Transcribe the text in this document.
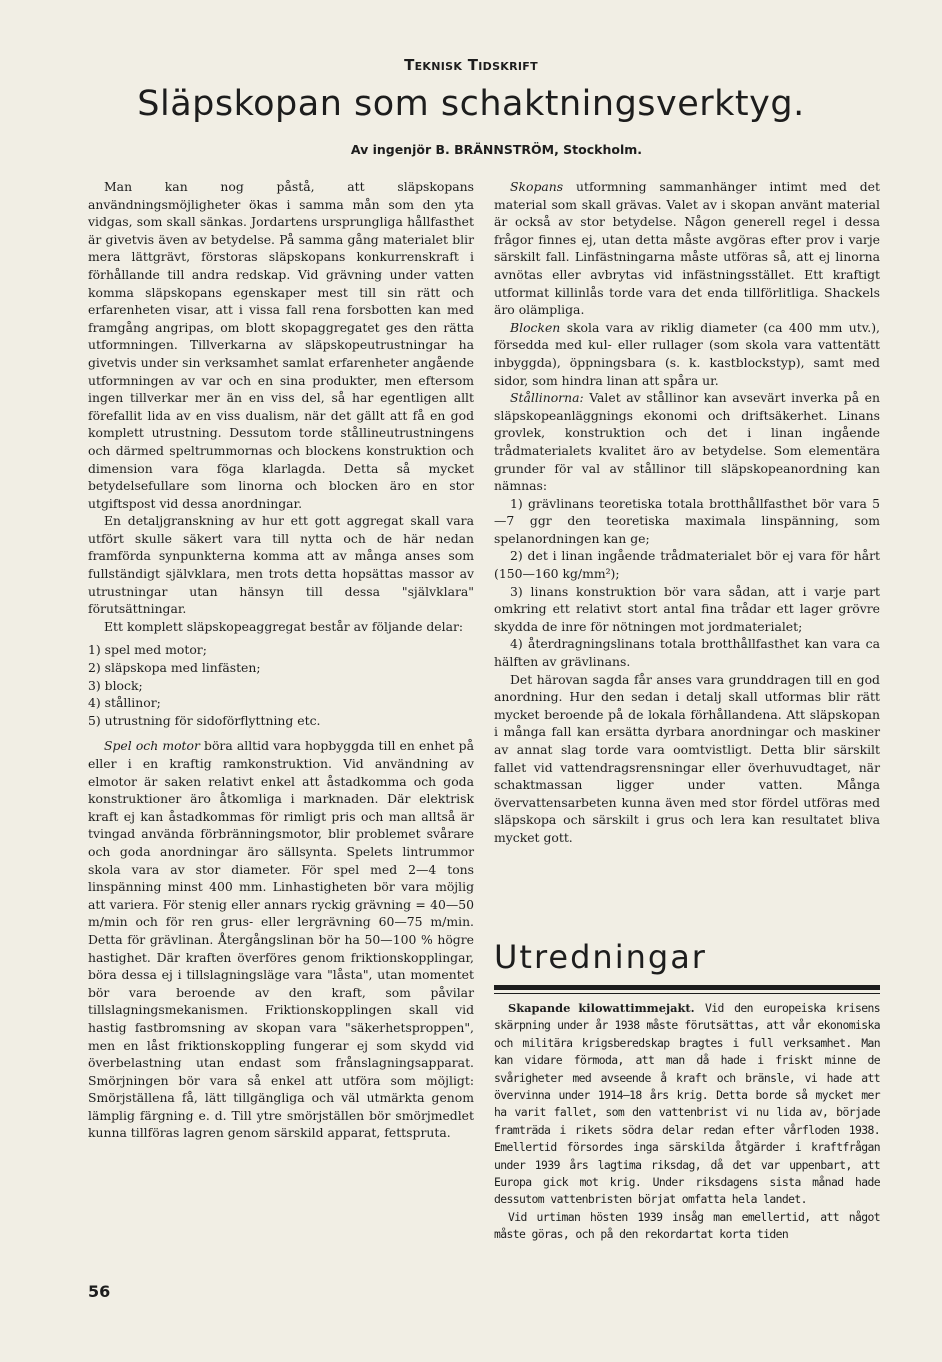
Teknisk Tidskrift
Släpskopan som schaktningsverktyg.
Av ingenjör B. BRÄNNSTRÖM, Stockholm.

Man kan nog påstå, att släpskopans användningsmöjligheter ökas i samma mån som den yta vidgas, som skall sänkas. Jordartens ursprungliga hållfasthet är givetvis även av betydelse. På samma gång materialet blir mera lättgrävt, förstoras släpskopans konkurrenskraft i förhållande till andra redskap. Vid grävning under vatten komma släpskopans egenskaper mest till sin rätt och erfarenheten visar, att i vissa fall rena forsbotten kan med framgång angripas, om blott skopaggregatet ges den rätta utformningen. Tillverkarna av släpskopeutrustningar ha givetvis under sin verksamhet samlat erfarenheter angående utformningen av var och en sina produkter, men eftersom ingen tillverkar mer än en viss del, så har egentligen allt förefallit lida av en viss dualism, när det gällt att få en god komplett utrustning. Dessutom torde stållineutrustningens och därmed speltrummornas och blockens konstruktion och dimension vara föga klarlagda. Detta så mycket betydelsefullare som linorna och blocken äro en stor utgiftspost vid dessa anordningar.

En detaljgranskning av hur ett gott aggregat skall vara utfört skulle säkert vara till nytta och de här nedan framförda synpunkterna komma att av många anses som fullständigt självklara, men trots detta hopsättas massor av utrustningar utan hänsyn till dessa "självklara" förutsättningar.

Ett komplett släpskopeaggregat består av följande delar:

1) spel med motor;
2) släpskopa med linfästen;
3) block;
4) stållinor;
5) utrustning för sidoförflyttning etc.

Spel och motor böra alltid vara hopbyggda till en enhet på eller i en kraftig ramkonstruktion. Vid användning av elmotor är saken relativt enkel att åstadkomma och goda konstruktioner äro åtkomliga i marknaden. Där elektrisk kraft ej kan åstadkommas för rimligt pris och man alltså är tvingad använda förbränningsmotor, blir problemet svårare och goda anordningar äro sällsynta. Spelets lintrummor skola vara av stor diameter. För spel med 2—4 tons linspänning minst 400 mm. Linhastigheten bör vara möjlig att variera. För stenig eller annars ryckig grävning = 40—50 m/min och för ren grus- eller lergrävning 60—75 m/min. Detta för grävlinan. Återgångslinan bör ha 50—100 % högre hastighet. Där kraften överföres genom friktionskopplingar, böra dessa ej i tillslagningsläge vara "låsta", utan momentet bör vara beroende av den kraft, som påvilar tillslagningsmekanismen. Friktionskopplingen skall vid hastig fastbromsning av skopan vara "säkerhetsproppen", men en låst friktionskoppling fungerar ej som skydd vid överbelastning utan endast som frånslagningsapparat. Smörjningen bör vara så enkel att utföra som möjligt: Smörjställena få, lätt tillgängliga och väl utmärkta genom lämplig färgning e. d. Till ytre smörjställen bör smörjmedlet kunna tillföras lagren genom särskild apparat, fettspruta.

Skopans utformning sammanhänger intimt med det material som skall grävas. Valet av i skopan använt material är också av stor betydelse. Någon generell regel i dessa frågor finnes ej, utan detta måste avgöras efter prov i varje särskilt fall. Linfästningarna måste utföras så, att ej linorna avnötas eller avbrytas vid infästningsstället. Ett kraftigt utformat killinlås torde vara det enda tillförlitliga. Shackels äro olämpliga.

Blocken skola vara av riklig diameter (ca 400 mm utv.), försedda med kul- eller rullager (som skola vara vattentätt inbyggda), öppningsbara (s. k. kastblockstyp), samt med sidor, som hindra linan att spåra ur.

Stållinorna: Valet av stållinor kan avsevärt inverka på en släpskopeanläggnings ekonomi och driftsäkerhet. Linans grovlek, konstruktion och det i linan ingående trådmaterialets kvalitet äro av betydelse. Som elementära grunder för val av stållinor till släpskopeanordning kan nämnas:

1) grävlinans teoretiska totala brotthållfasthet bör vara 5—7 ggr den teoretiska maximala linspänning, som spelanordningen kan ge;

2) det i linan ingående trådmaterialet bör ej vara för hårt (150—160 kg/mm²);

3) linans konstruktion bör vara sådan, att i varje part omkring ett relativt stort antal fina trådar ett lager grövre skydda de inre för nötningen mot jordmaterialet;

4) återdragningslinans totala brotthållfasthet kan vara ca hälften av grävlinans.

Det härovan sagda får anses vara grunddragen till en god anordning. Hur den sedan i detalj skall utformas blir rätt mycket beroende på de lokala förhållandena. Att släpskopan i många fall kan ersätta dyrbara anordningar och maskiner av annat slag torde vara oomtvistligt. Detta blir särskilt fallet vid vattendragsrensningar eller överhuvudtaget, när schaktmassan ligger under vatten. Många övervattensarbeten kunna även med stor fördel utföras med släpskopa och särskilt i grus och lera kan resultatet bliva mycket gott.

Utredningar

Skapande kilowattimmejakt. Vid den europeiska krisens skärpning under år 1938 måste förutsättas, att vår ekonomiska och militära krigsberedskap bragtes i full verksamhet. Man kan vidare förmoda, att man då hade i friskt minne de svårigheter med avseende å kraft och bränsle, vi hade att övervinna under 1914—18 års krig. Detta borde så mycket mer ha varit fallet, som den vattenbrist vi nu lida av, började framträda i rikets södra delar redan efter vårfloden 1938. Emellertid försordes inga särskilda åtgärder i kraftfrågan under 1939 års lagtima riksdag, då det var uppenbart, att Europa gick mot krig. Under riksdagens sista månad hade dessutom vattenbristen börjat omfatta hela landet.

Vid urtiman hösten 1939 insåg man emellertid, att något måste göras, och på den rekordartat korta tiden

56
